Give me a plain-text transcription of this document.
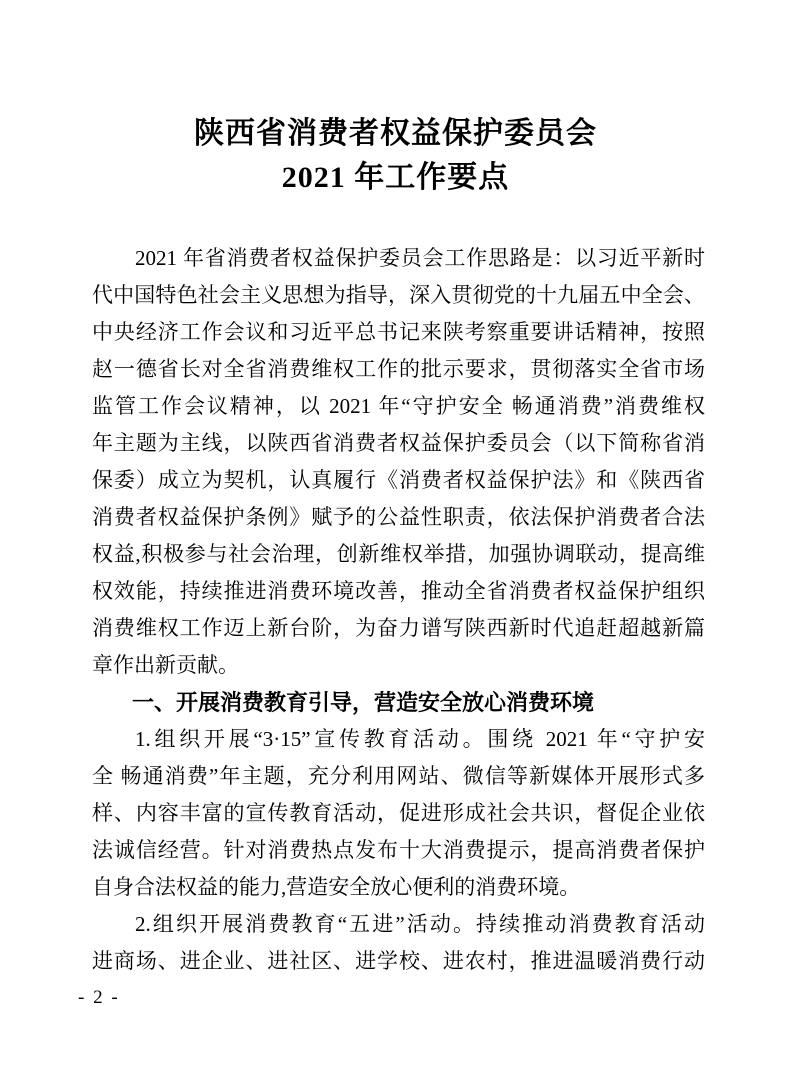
陕西省消费者权益保护委员会
2021 年工作要点

2021 年省消费者权益保护委员会工作思路是：以习近平新时

代中国特色社会主义思想为指导，深入贯彻党的十九届五中全会、

中央经济工作会议和习近平总书记来陕考察重要讲话精神，按照

赵一德省长对全省消费维权工作的批示要求，贯彻落实全省市场

监管工作会议精神，以 2021 年“守护安全 畅通消费”消费维权

年主题为主线，以陕西省消费者权益保护委员会（以下简称省消

保委）成立为契机，认真履行《消费者权益保护法》和《陕西省

消费者权益保护条例》赋予的公益性职责，依法保护消费者合法

权益,积极参与社会治理，创新维权举措，加强协调联动，提高维

权效能，持续推进消费环境改善，推动全省消费者权益保护组织

消费维权工作迈上新台阶，为奋力谱写陕西新时代追赶超越新篇

章作出新贡献。

一、开展消费教育引导，营造安全放心消费环境

1.组织开展“3·15”宣传教育活动。围绕 2021 年“守护安

全 畅通消费”年主题，充分利用网站、微信等新媒体开展形式多

样、内容丰富的宣传教育活动，促进形成社会共识，督促企业依

法诚信经营。针对消费热点发布十大消费提示，提高消费者保护

自身合法权益的能力,营造安全放心便利的消费环境。

2.组织开展消费教育“五进”活动。持续推动消费教育活动

进商场、进企业、进社区、进学校、进农村，推进温暖消费行动

- 2 -
